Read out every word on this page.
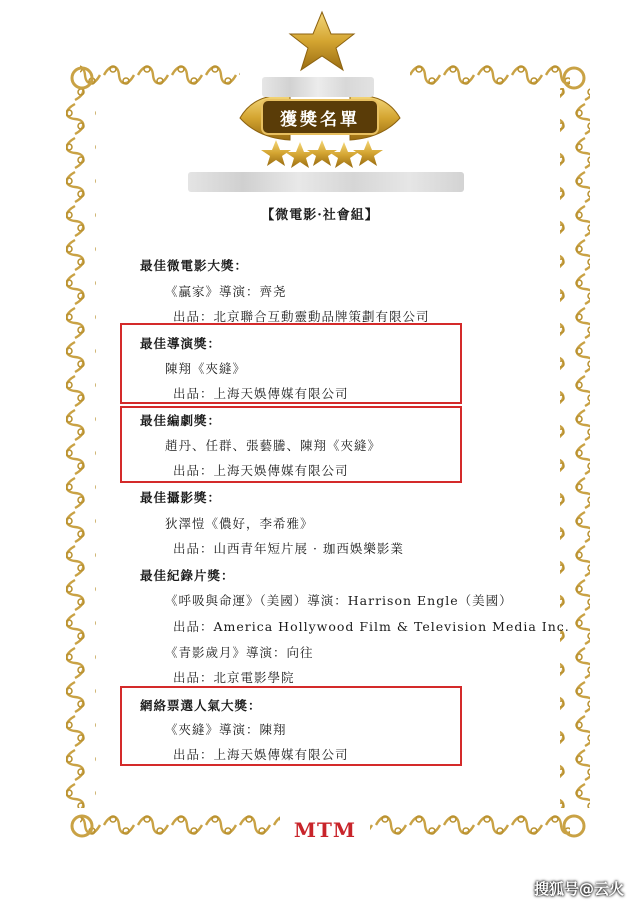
獲獎名單
【微電影·社會組】
最佳微電影大獎：
《贏家》導演：齊尧
出品：北京聯合互動靈動品牌策劃有限公司
最佳導演獎：
陳翔《夾縫》
出品：上海天娛傳媒有限公司
最佳編劇獎：
趙丹、任群、張藝騰、陳翔《夾縫》
出品：上海天娛傳媒有限公司
最佳攝影獎：
狄澤愷《儂好，李希雅》
出品：山西青年短片展 · 珈西娛樂影業
最佳紀錄片獎：
《呼吸與命運》（美國）導演：Harrison Engle（美國）
出品：America Hollywood Film & Television Media Inc.
《青影歲月》導演：向往
出品：北京電影學院
網絡票選人氣大獎：
《夾縫》導演：陳翔
出品：上海天娛傳媒有限公司
MTM
搜狐号@云火
